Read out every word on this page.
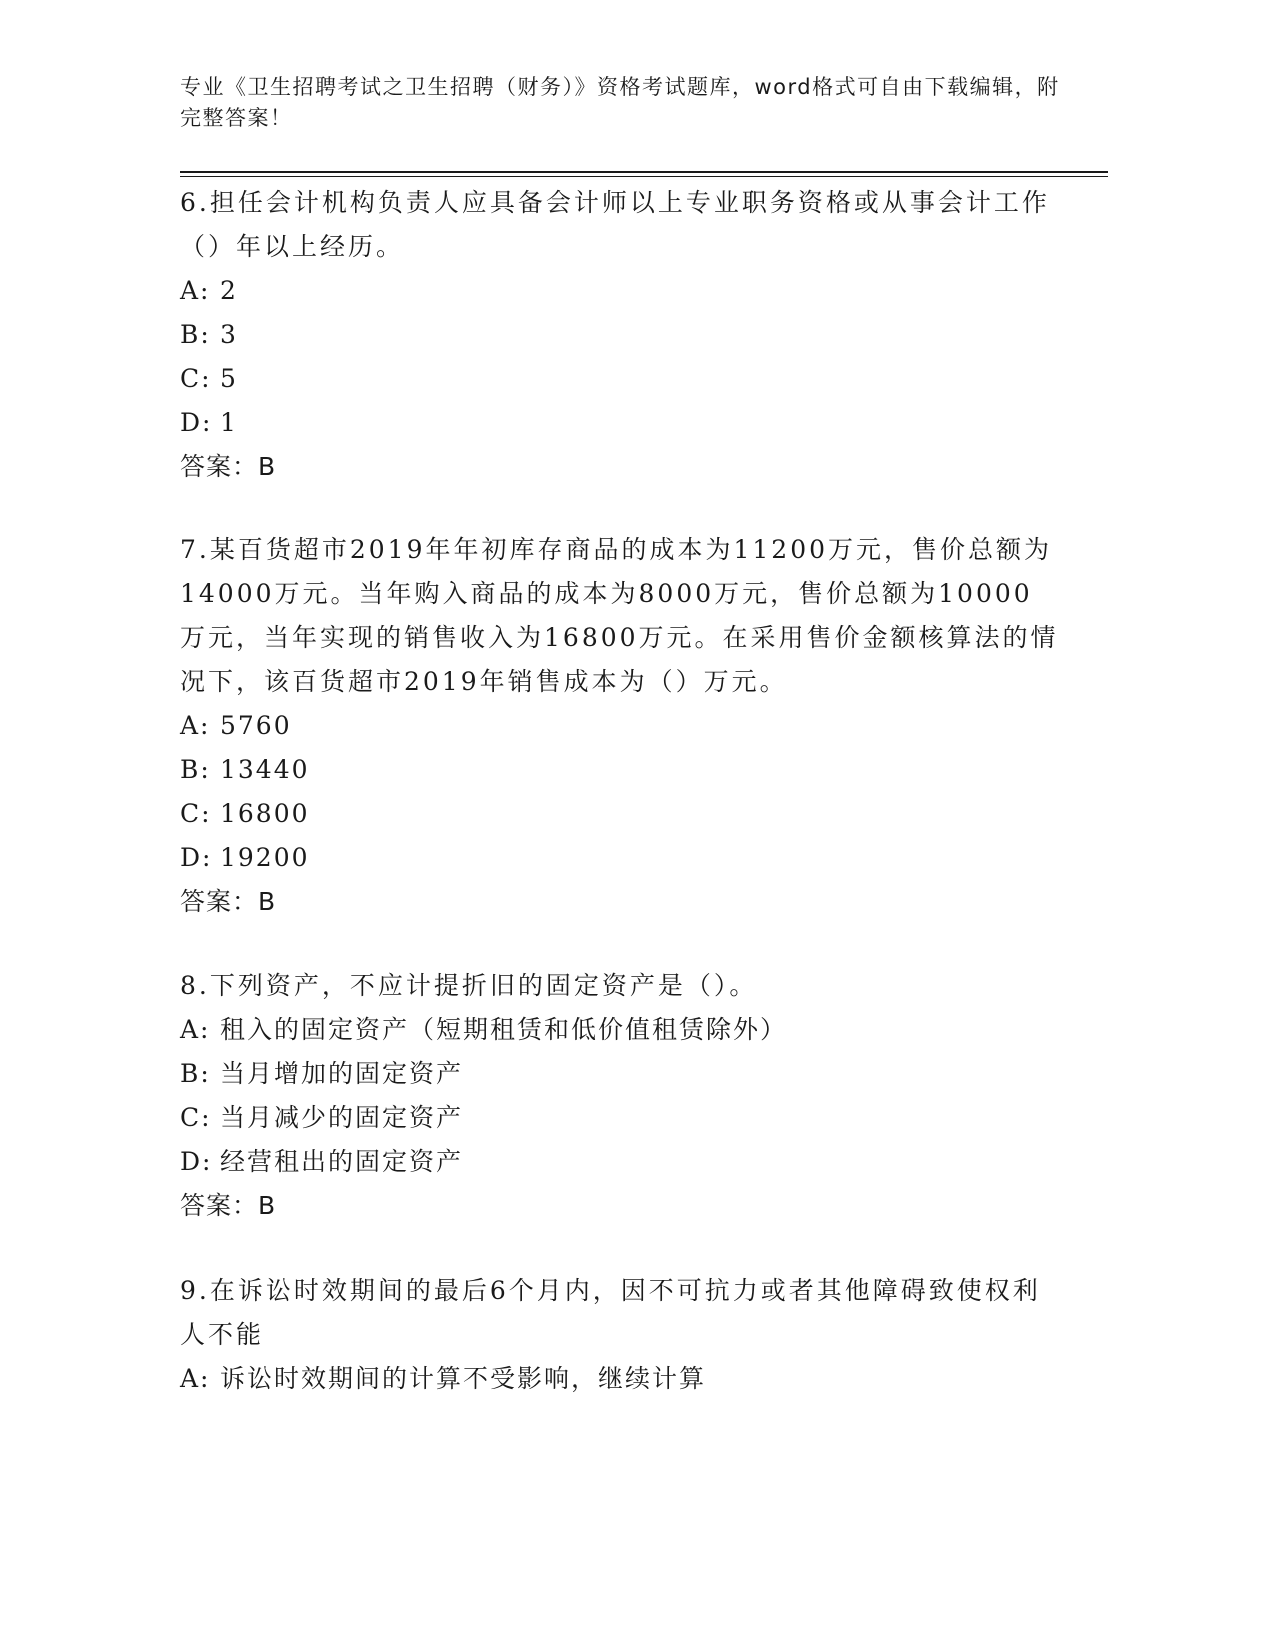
专业《卫生招聘考试之卫生招聘（财务）》资格考试题库，word格式可自由下载编辑，附完整答案！

6.担任会计机构负责人应具备会计师以上专业职务资格或从事会计工作（）年以上经历。

A: 2

B: 3

C: 5

D: 1

答案：B

7.某百货超市2019年年初库存商品的成本为11200万元，售价总额为14000万元。当年购入商品的成本为8000万元，售价总额为10000万元，当年实现的销售收入为16800万元。在采用售价金额核算法的情况下，该百货超市2019年销售成本为（）万元。

A: 5760

B: 13440

C: 16800

D: 19200

答案：B

8.下列资产，不应计提折旧的固定资产是（）。

A: 租入的固定资产（短期租赁和低价值租赁除外）

B: 当月增加的固定资产

C: 当月减少的固定资产

D: 经营租出的固定资产

答案：B

9.在诉讼时效期间的最后6个月内，因不可抗力或者其他障碍致使权利人不能

A: 诉讼时效期间的计算不受影响，继续计算
